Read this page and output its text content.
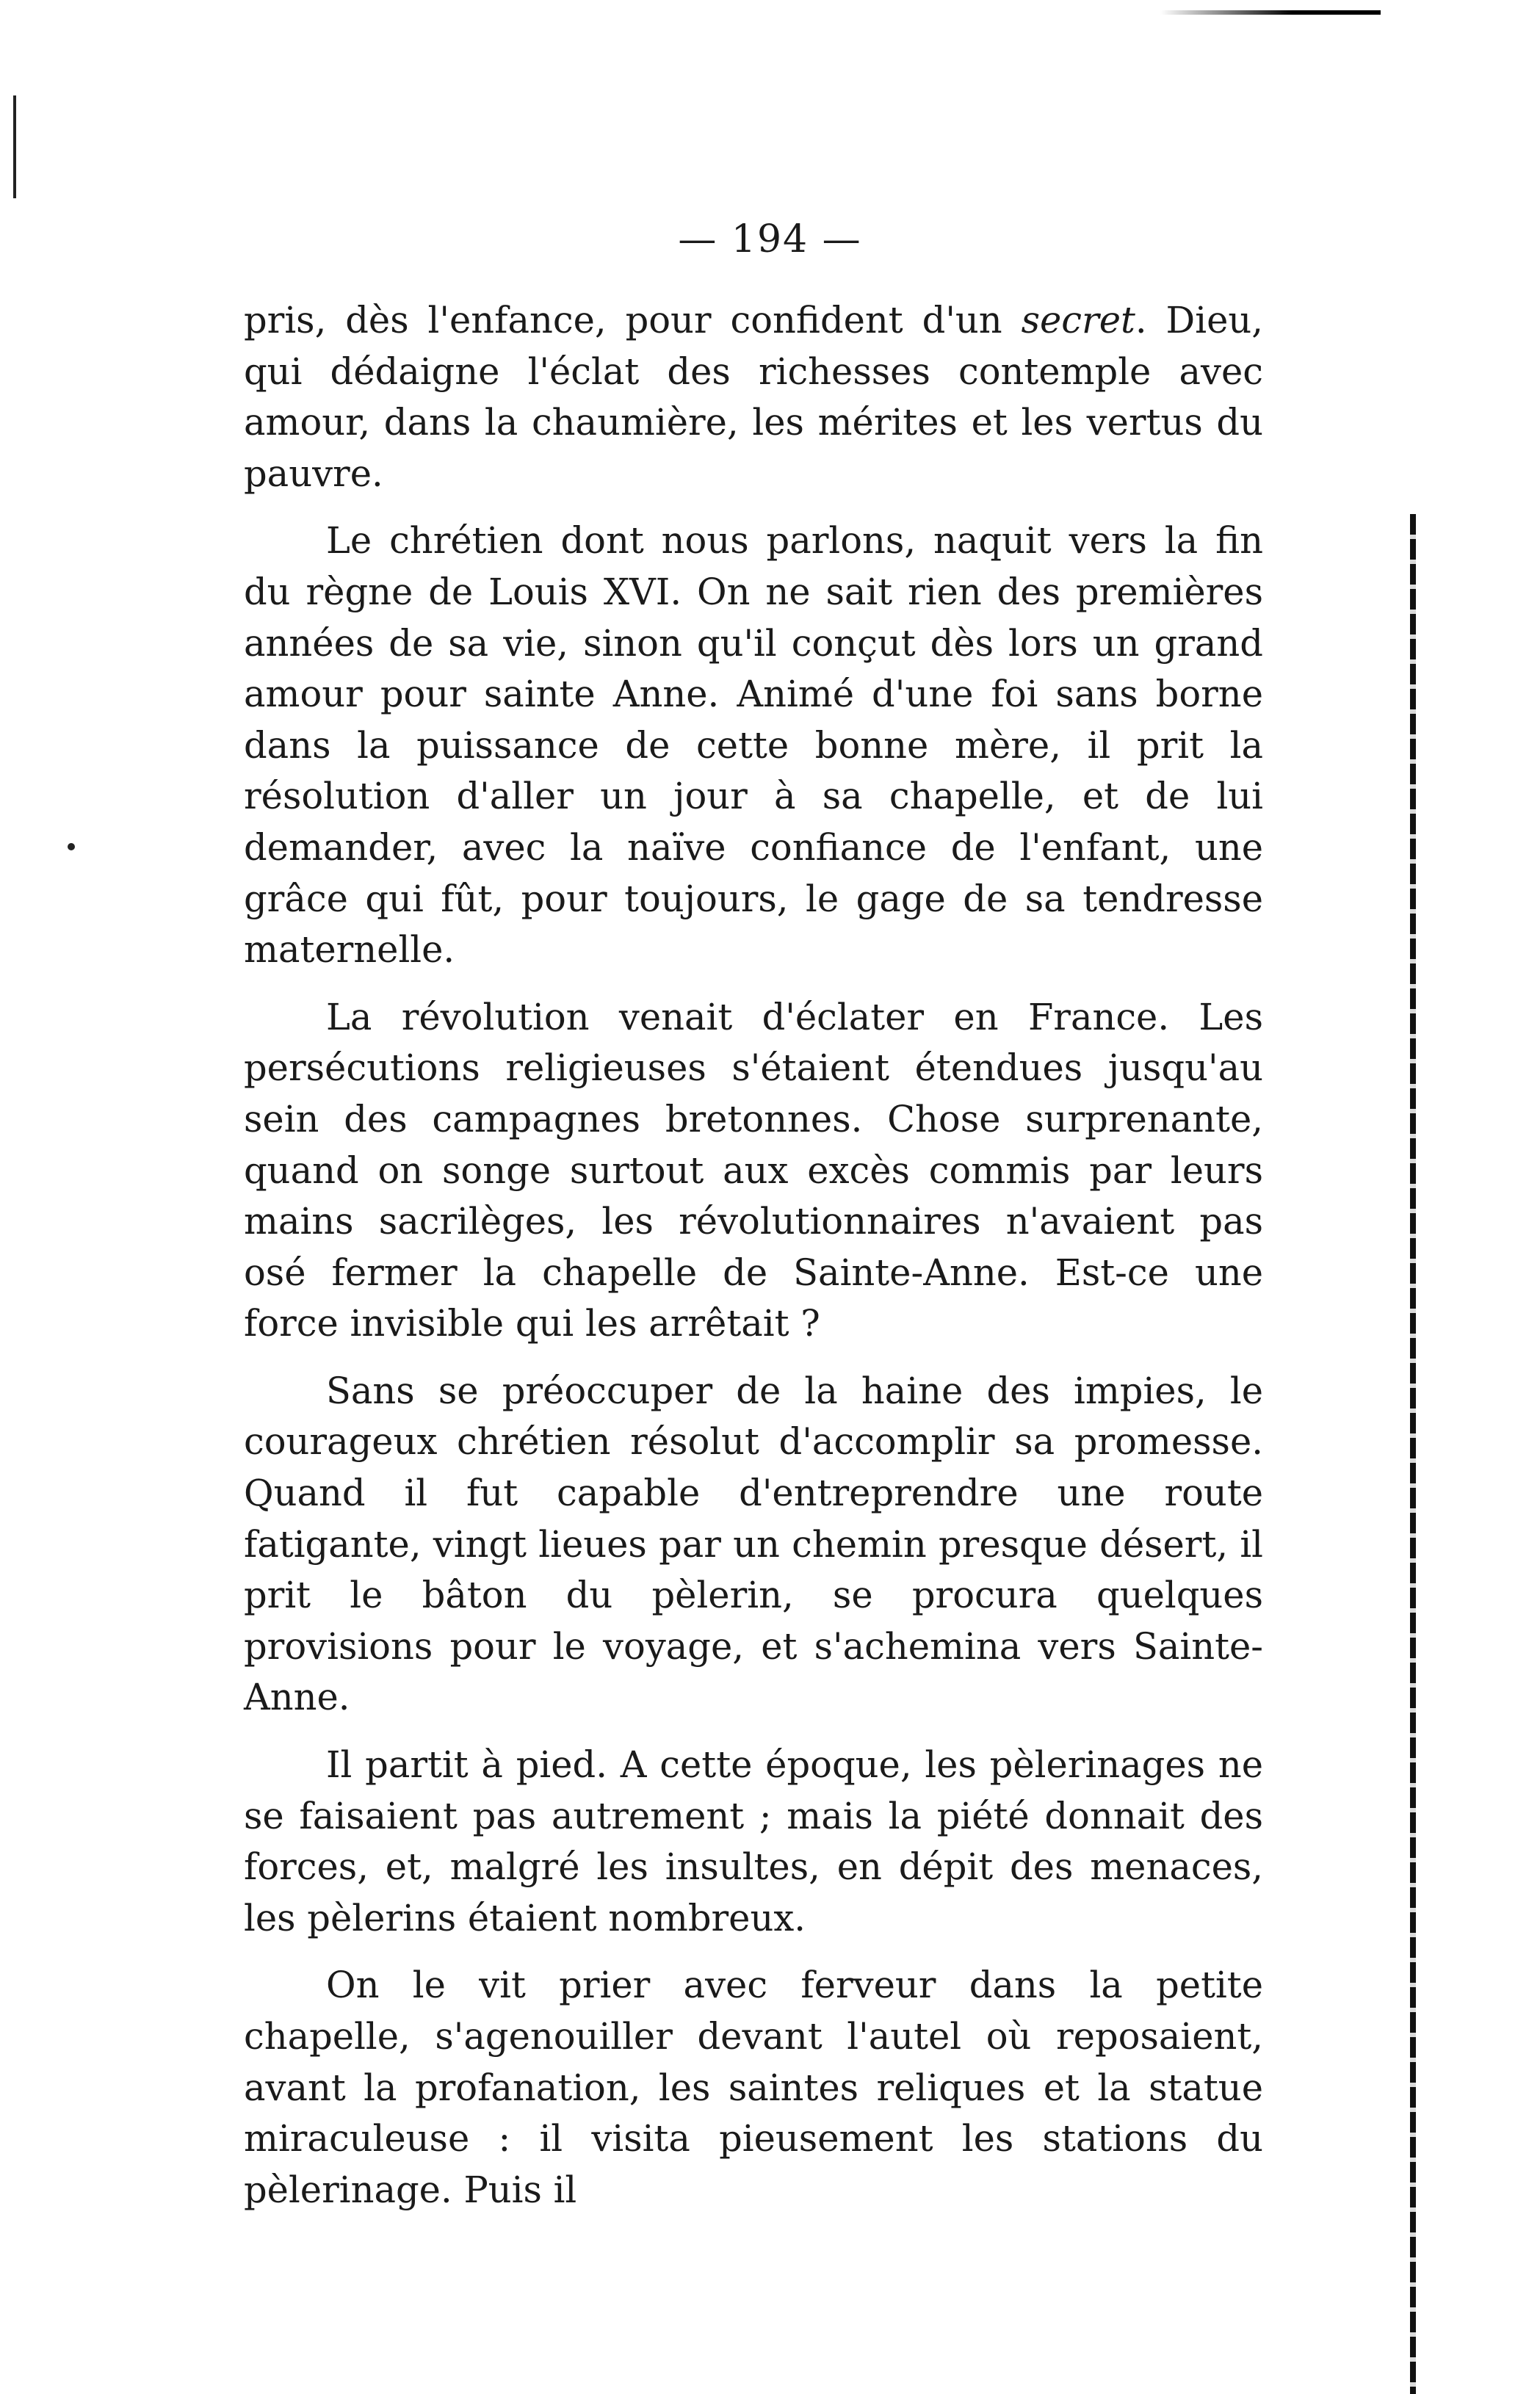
— 194 —

pris, dès l'enfance, pour confident d'un secret. Dieu, qui dédaigne l'éclat des richesses contemple avec amour, dans la chaumière, les mérites et les vertus du pauvre.

Le chrétien dont nous parlons, naquit vers la fin du règne de Louis XVI. On ne sait rien des premières années de sa vie, sinon qu'il conçut dès lors un grand amour pour sainte Anne. Animé d'une foi sans borne dans la puissance de cette bonne mère, il prit la résolution d'aller un jour à sa chapelle, et de lui demander, avec la naïve confiance de l'enfant, une grâce qui fût, pour toujours, le gage de sa tendresse maternelle.

La révolution venait d'éclater en France. Les persécutions religieuses s'étaient étendues jusqu'au sein des campagnes bretonnes. Chose surprenante, quand on songe surtout aux excès commis par leurs mains sacrilèges, les révolutionnaires n'avaient pas osé fermer la chapelle de Sainte-Anne. Est-ce une force invisible qui les arrêtait ?

Sans se préoccuper de la haine des impies, le courageux chrétien résolut d'accomplir sa promesse. Quand il fut capable d'entreprendre une route fatigante, vingt lieues par un chemin presque désert, il prit le bâton du pèlerin, se procura quelques provisions pour le voyage, et s'achemina vers Sainte-Anne.

Il partit à pied. A cette époque, les pèlerinages ne se faisaient pas autrement ; mais la piété donnait des forces, et, malgré les insultes, en dépit des menaces, les pèlerins étaient nombreux.

On le vit prier avec ferveur dans la petite chapelle, s'agenouiller devant l'autel où reposaient, avant la profanation, les saintes reliques et la statue miraculeuse : il visita pieusement les stations du pèlerinage. Puis il
